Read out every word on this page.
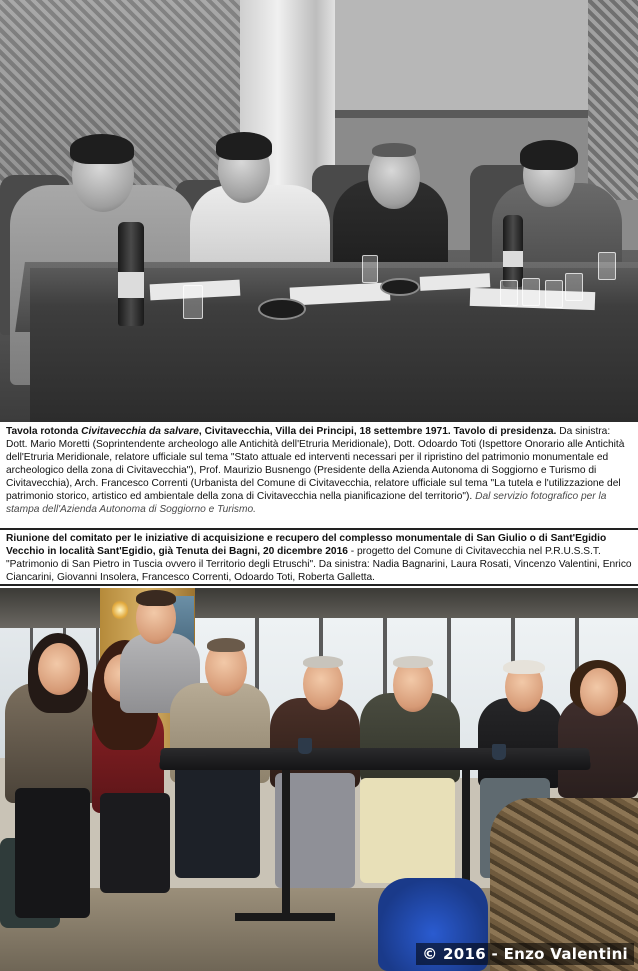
Tavola rotonda Civitavecchia da salvare, Civitavecchia, Villa dei Principi, 18 settembre 1971. Tavolo di presidenza. Da sinistra: Dott. Mario Moretti (Soprintendente archeologo alle Antichità dell'Etruria Meridionale), Dott. Odoardo Toti (Ispettore Onorario alle Antichità dell'Etruria Meridionale, relatore ufficiale sul tema "Stato attuale ed interventi necessari per il ripristino del patrimonio monumentale ed archeologico della zona di Civitavecchia"), Prof. Maurizio Busnengo (Presidente della Azienda Autonoma di Soggiorno e Turismo di Civitavecchia), Arch. Francesco Correnti (Urbanista del Comune di Civitavecchia, relatore ufficiale sul tema "La tutela e l'utilizzazione del patrimonio storico, artistico ed ambientale della zona di Civitavecchia nella pianificazione del territorio"). Dal servizio fotografico per la stampa dell'Azienda Autonoma di Soggiorno e Turismo.
Riunione del comitato per le iniziative di acquisizione e recupero del complesso monumentale di San Giulio o di Sant'Egidio Vecchio in località Sant'Egidio, già Tenuta dei Bagni, 20 dicembre 2016 - progetto del Comune di Civitavecchia nel P.R.U.S.S.T. "Patrimonio di San Pietro in Tuscia ovvero il Territorio degli Etruschi". Da sinistra: Nadia Bagnarini, Laura Rosati, Vincenzo Valentini, Enrico Ciancarini, Giovanni Insolera, Francesco Correnti, Odoardo Toti, Roberta Galletta.
© 2016 - Enzo Valentini
